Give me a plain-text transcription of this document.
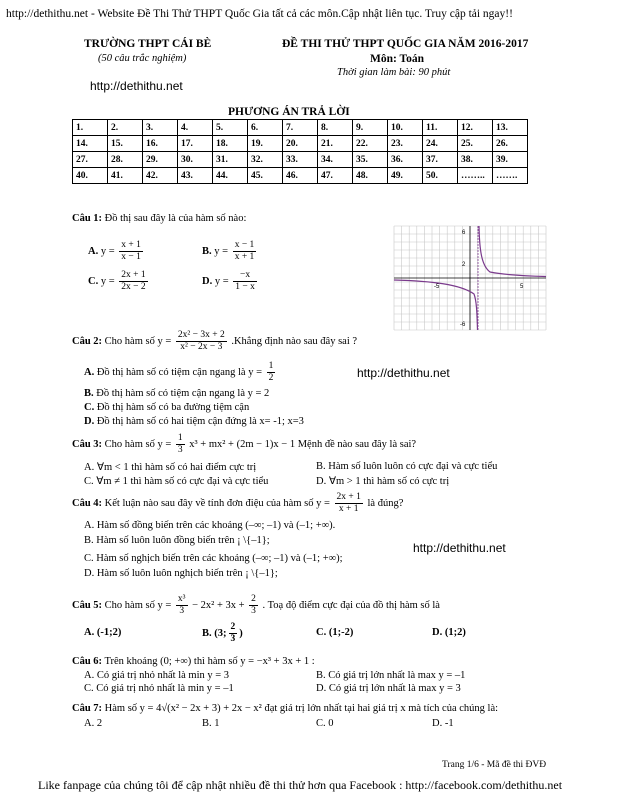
http://dethithu.net - Website Đề Thi Thử THPT Quốc Gia tất cả các môn.Cập nhật liên tục. Truy cập tải ngay!!
TRƯỜNG THPT CÁI BÈ
(50 câu trắc nghiệm)
ĐỀ THI THỬ THPT QUỐC GIA NĂM 2016-2017
Môn: Toán
Thời gian làm bài: 90 phút
http://dethithu.net
PHƯƠNG ÁN TRẢ LỜI
1.	2.	3.	4.	5.	6.	7.	8.	9.	10.	11.	12.	13.
14.	15.	16.	17.	18.	19.	20.	21.	22.	23.	24.	25.	26.
27.	28.	29.	30.	31.	32.	33.	34.	35.	36.	37.	38.	39.
40.	41.	42.	43.	44.	45.	46.	47.	48.	49.	50.	……..	…….
Câu 1: Đồ thị sau đây là của hàm số nào:
A. $y = \frac{x + 1}{x - 1}$	B. $y = \frac{x - 1}{x + 1}$
C. $y = \frac{2x + 1}{2x - 2}$	D. $y = \frac{-x}{1 - x}$	-5	5
6
2
-6
Câu 2: Cho hàm số $y = \frac{\text{2x² − 3x + 2}}{\text{x² − 2x − 3}}$ .Khẳng định nào sau đây sai ?
A. Đồ thị hàm số có tiệm cận ngang là $y = \frac{1}{2}$	http://dethithu.net
B. Đồ thị hàm số có tiệm cận ngang là y = 2
C. Đồ thị hàm số có ba đường tiệm cận
D. Đồ thị hàm số có hai tiệm cận đứng là x= -1; x=3
Câu 3: Cho hàm số $y = \frac{1}{3} x^3 + mx^2 + (2m - 1)x - 1$ Mệnh đề nào sau đây là sai?
A. ∀m < 1 thì hàm số có hai điểm cực trị	B. Hàm số luôn luôn có cực đại và cực tiểu
C. ∀m ≠ 1 thì hàm số có cực đại và cực tiểu	D. ∀m > 1 thì hàm số có cực trị
Câu 4: Kết luận nào sau đây về tính đơn điệu của hàm số $y = \frac{2x + 1}{x + 1}$ là đúng?
A. Hàm số đồng biến trên các khoảng (–∞; –1) và (–1; +∞).
B. Hàm số luôn luôn đồng biến trên ¡ \{–1};
http://dethithu.net
C. Hàm số nghịch biến trên các khoảng (–∞; –1) và (–1; +∞);
D. Hàm số luôn luôn nghịch biến trên ¡ \{–1};
Câu 5: Cho hàm số $y = \frac{\text{x³}}{3} - 2x^2 + 3x + \frac{2}{3}$ . Toạ độ điểm cực đại của đồ thị hàm số là
A. (-1;2)	B. (3; $\frac{2}{3}$ )	C. (1;-2)	D. (1;2)
Câu 6: Trên khoảng (0; +∞) thì hàm số y = −x³ + 3x + 1 :
A. Có giá trị nhỏ nhất là min y = 3	B. Có giá trị lớn nhất là max y = –1
C. Có giá trị nhỏ nhất là min y = –1	D. Có giá trị lớn nhất là max y = 3
Câu 7: Hàm số y = 4√(x² − 2x + 3) + 2x − x² đạt giá trị lớn nhất tại hai giá trị x mà tích của chúng là:
A. 2	B. 1	C. 0	D. -1
Trang 1/6 - Mã đề thi ĐVĐ
Like fanpage của chúng tôi để cập nhật nhiều đề thi thử hơn qua Facebook : http://facebook.com/dethithu.net
